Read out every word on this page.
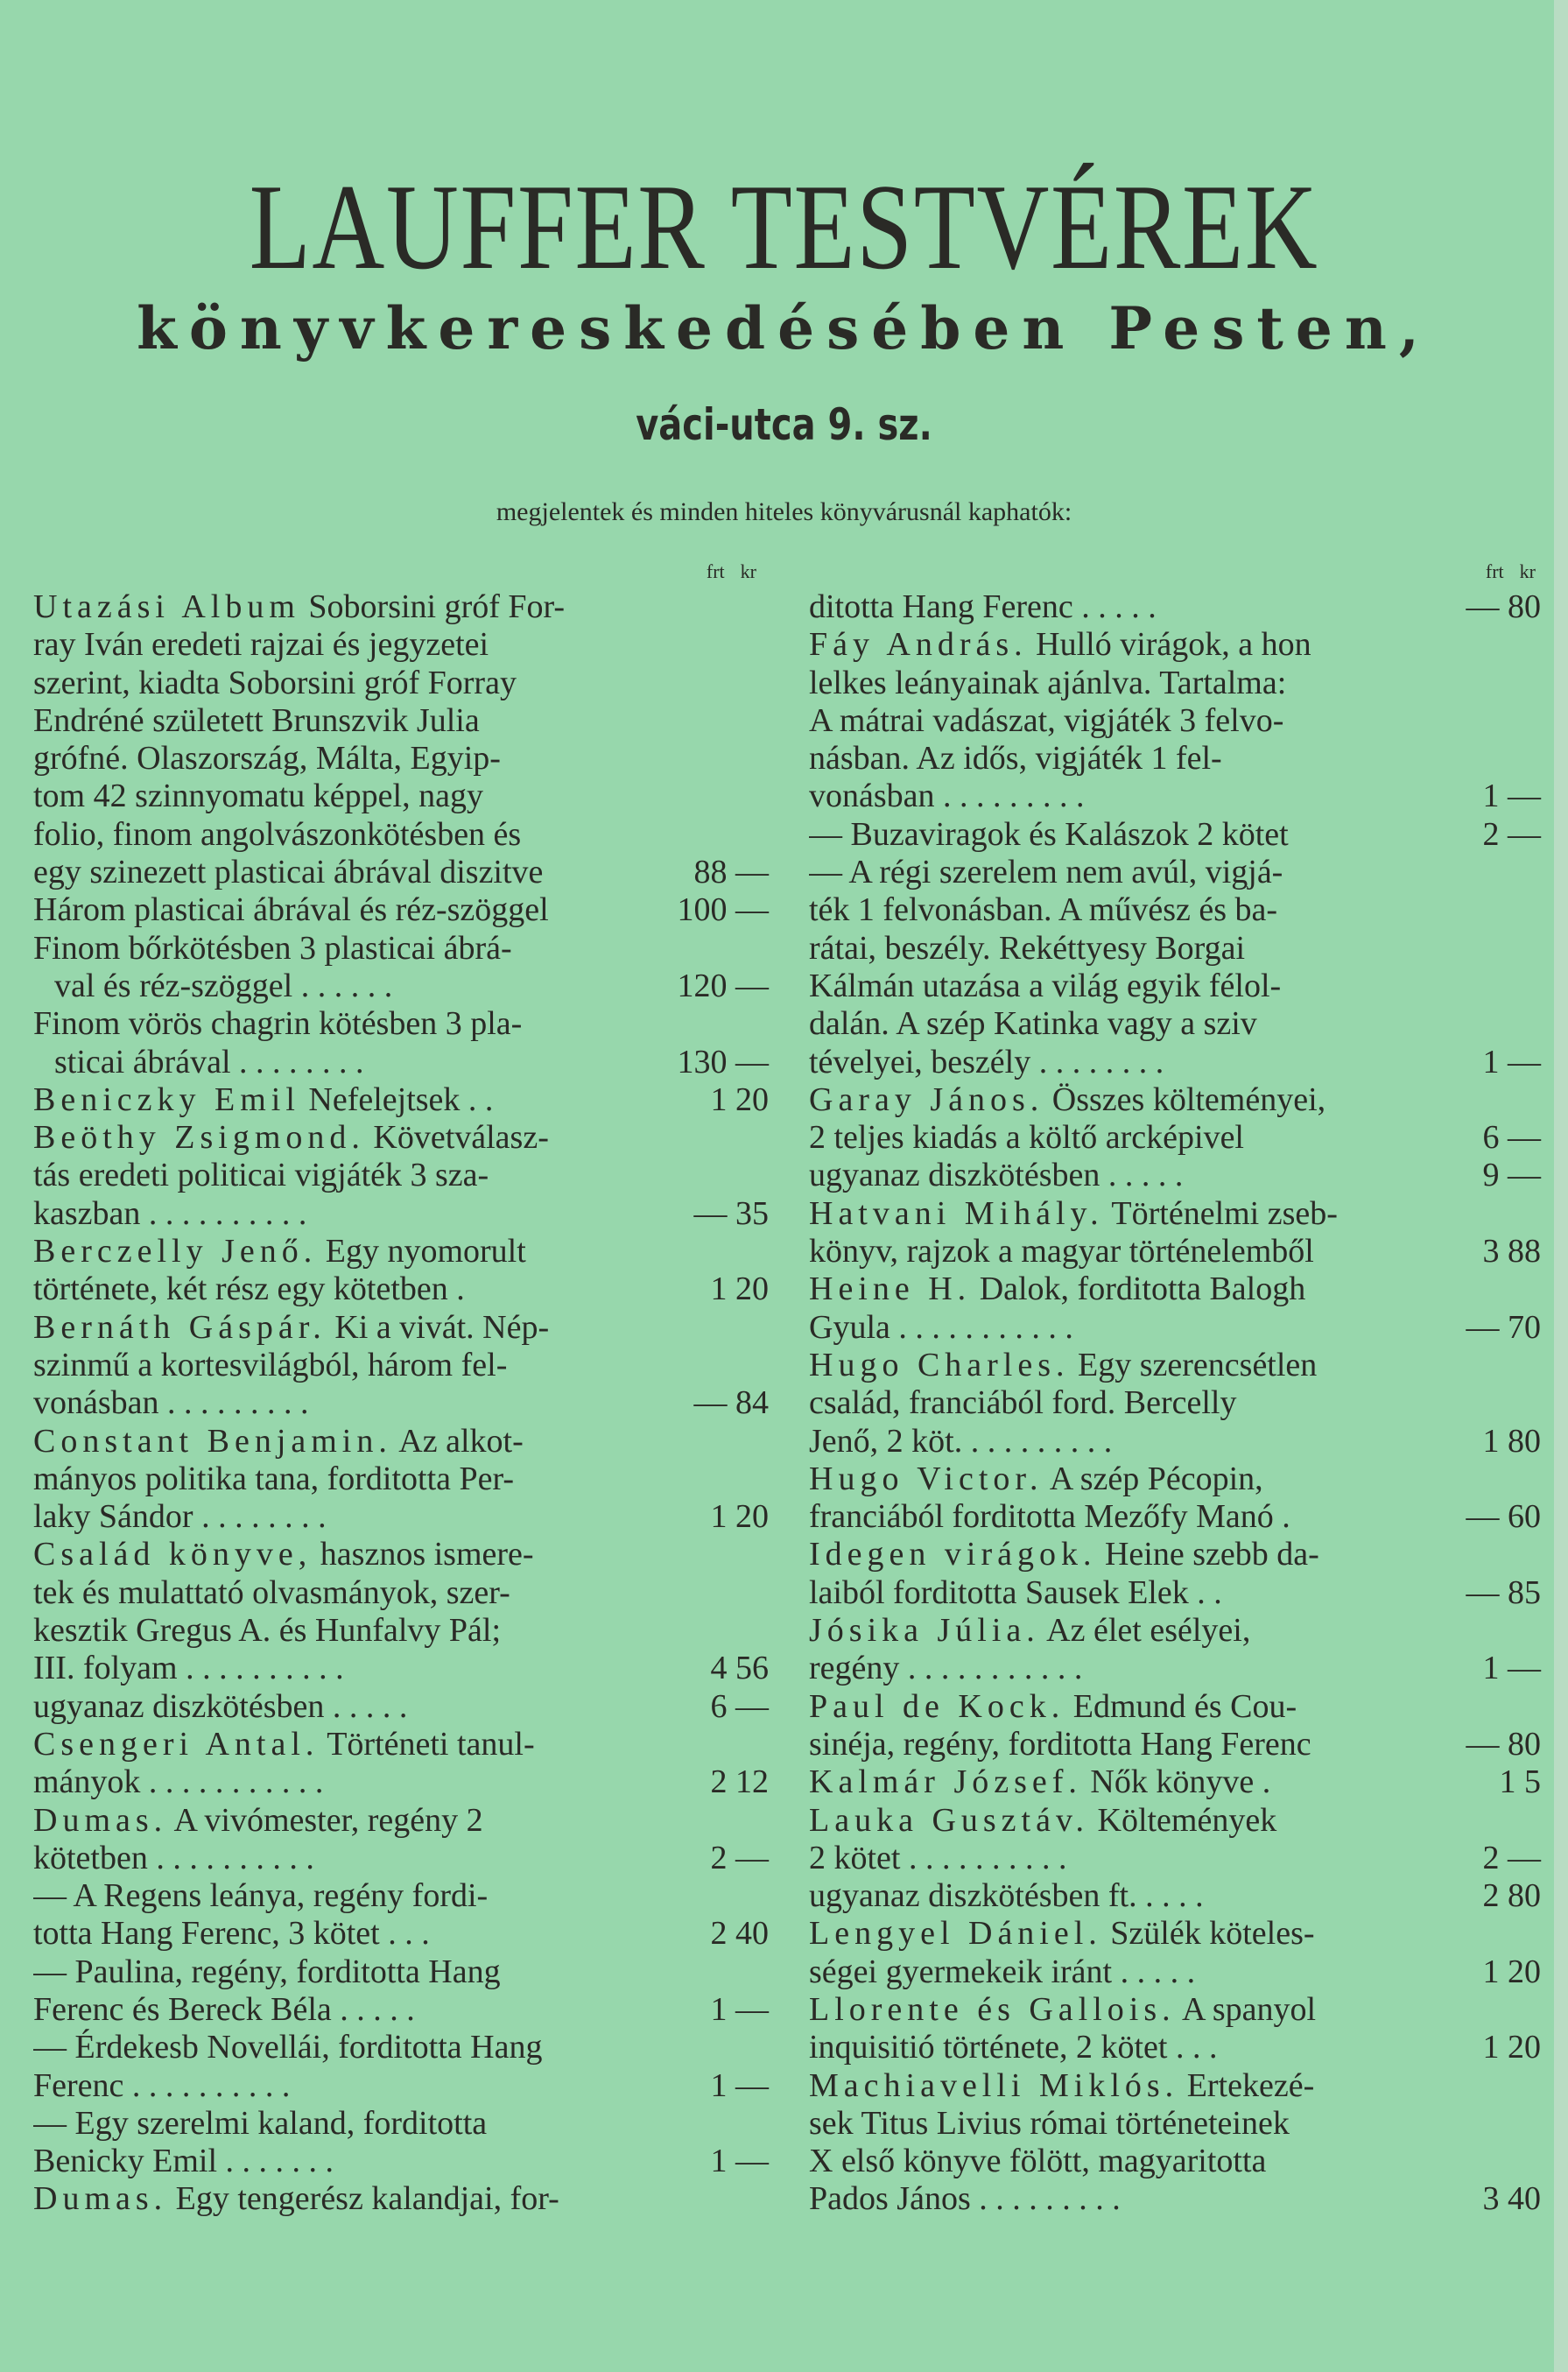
LAUFFER TESTVÉREK
könyvkereskedésében Pesten,
váci-utca 9. sz.
megjelentek és minden hiteles könyvárusnál kaphatók:
frt kr
Utazási Album Soborsini gróf For-
ray Iván eredeti rajzai és jegyzetei
szerint, kiadta Soborsini gróf Forray
Endréné született Brunszvik Julia
grófné. Olaszország, Málta, Egyip-
tom 42 szinnyomatu képpel, nagy
folio, finom angolvászonkötésben és
egy szinezett plasticai ábrával diszitve	88 —
Három plasticai ábrával és réz-szöggel	100 —
Finom bőrkötésben 3 plasticai ábrá-
val és réz-szöggel . . . . . .	120 —
Finom vörös chagrin kötésben 3 pla-
sticai ábrával . . . . . . . .	130 —
Beniczky Emil Nefelejtsek . .	1 20
Beöthy Zsigmond. Követválasz-
tás eredeti politicai vigjáték 3 sza-
kaszban . . . . . . . . . .	— 35
Berczelly Jenő. Egy nyomorult
története, két rész egy kötetben .	1 20
Bernáth Gáspár. Ki a vivát. Nép-
szinmű a kortesvilágból, három fel-
vonásban . . . . . . . . .	— 84
Constant Benjamin. Az alkot-
mányos politika tana, forditotta Per-
laky Sándor . . . . . . . .	1 20
Család könyve, hasznos ismere-
tek és mulattató olvasmányok, szer-
kesztik Gregus A. és Hunfalvy Pál;
III. folyam . . . . . . . . . .	4 56
ugyanaz diszkötésben . . . . .	6 —
Csengeri Antal. Történeti tanul-
mányok . . . . . . . . . . .	2 12
Dumas. A vivómester, regény 2
kötetben . . . . . . . . . .	2 —
— A Regens leánya, regény fordi-
totta Hang Ferenc, 3 kötet . . .	2 40
— Paulina, regény, forditotta Hang
Ferenc és Bereck Béla . . . . .	1 —
— Érdekesb Novellái, forditotta Hang
Ferenc . . . . . . . . . .	1 —
— Egy szerelmi kaland, forditotta
Benicky Emil . . . . . . .	1 —
Dumas. Egy tengerész kalandjai, for-
frt kr
ditotta Hang Ferenc . . . . .	— 80
Fáy András. Hulló virágok, a hon
lelkes leányainak ajánlva. Tartalma:
A mátrai vadászat, vigjáték 3 felvo-
násban. Az idős, vigjáték 1 fel-
vonásban . . . . . . . . .	1 —
— Buzaviragok és Kalászok 2 kötet	2 —
— A régi szerelem nem avúl, vigjá-
ték 1 felvonásban. A művész és ba-
rátai, beszély. Rekéttyesy Borgai
Kálmán utazása a világ egyik félol-
dalán. A szép Katinka vagy a sziv
tévelyei, beszély . . . . . . . .	1 —
Garay János. Összes költeményei,
2 teljes kiadás a költő arcképivel	6 —
ugyanaz diszkötésben . . . . .	9 —
Hatvani Mihály. Történelmi zseb-
könyv, rajzok a magyar történelemből	3 88
Heine H. Dalok, forditotta Balogh
Gyula . . . . . . . . . . .	— 70
Hugo Charles. Egy szerencsétlen
család, franciából ford. Bercelly
Jenő, 2 köt. . . . . . . . . .	1 80
Hugo Victor. A szép Pécopin,
franciából forditotta Mezőfy Manó .	— 60
Idegen virágok. Heine szebb da-
laiból forditotta Sausek Elek . .	— 85
Jósika Júlia. Az élet esélyei,
regény . . . . . . . . . . .	1 —
Paul de Kock. Edmund és Cou-
sinéja, regény, forditotta Hang Ferenc	— 80
Kalmár József. Nők könyve .	1 5
Lauka Gusztáv. Költemények
2 kötet . . . . . . . . . .	2 —
ugyanaz diszkötésben ft. . . . .	2 80
Lengyel Dániel. Szülék köteles-
ségei gyermekeik iránt . . . . .	1 20
Llorente és Gallois. A spanyol
inquisitió története, 2 kötet . . .	1 20
Machiavelli Miklós. Ertekezé-
sek Titus Livius római történeteinek
X első könyve fölött, magyaritotta
Pados János . . . . . . . . .	3 40
